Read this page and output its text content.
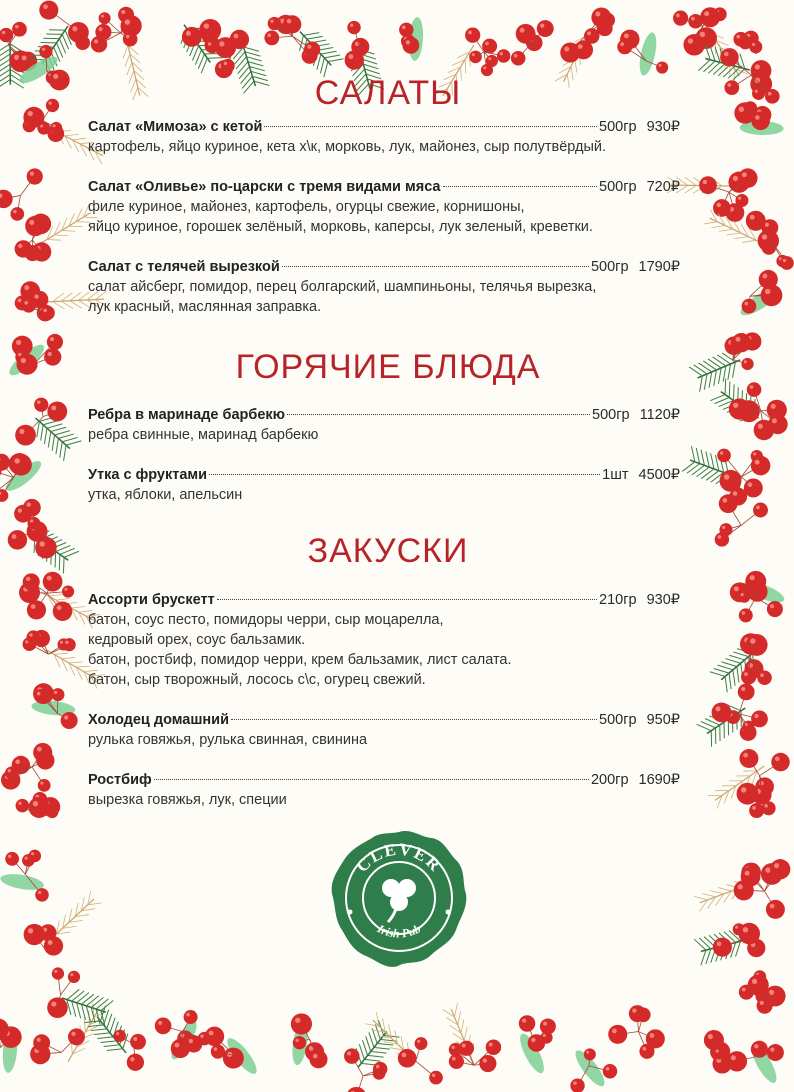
САЛАТЫ
Салат «Мимоза» с кетой	500гр 930₽
картофель, яйцо куриное, кета х\к, морковь, лук, майонез, сыр полутвёрдый.
Салат «Оливье» по-царски с тремя видами мяса	500гр 720₽
филе куриное, майонез, картофель, огурцы свежие, корнишоны,
яйцо куриное, горошек зелёный, морковь, каперсы, лук зеленый, креветки.
Салат с телячей вырезкой	500гр 1790₽
салат айсберг, помидор, перец болгарский, шампиньоны, телячья вырезка,
лук красный, маслянная заправка.
ГОРЯЧИЕ БЛЮДА
Ребра в маринаде барбекю	500гр 1120₽
ребра свинные, маринад барбекю
Утка с фруктами	1шт 4500₽
утка, яблоки, апельсин
ЗАКУСКИ
Ассорти брускетт	210гр 930₽
батон, соус песто, помидоры черри, сыр моцарелла,
кедровый орех, соус бальзамик.
батон, ростбиф, помидор черри, крем бальзамик, лист салата.
батон, сыр творожный, лосось с\с, огурец свежий.
Холодец домашний	500гр 950₽
рулька говяжья, рулька свинная, свинина
Ростбиф	200гр 1690₽
вырезка говяжья, лук, специи
CLEVER
Irish Pub
